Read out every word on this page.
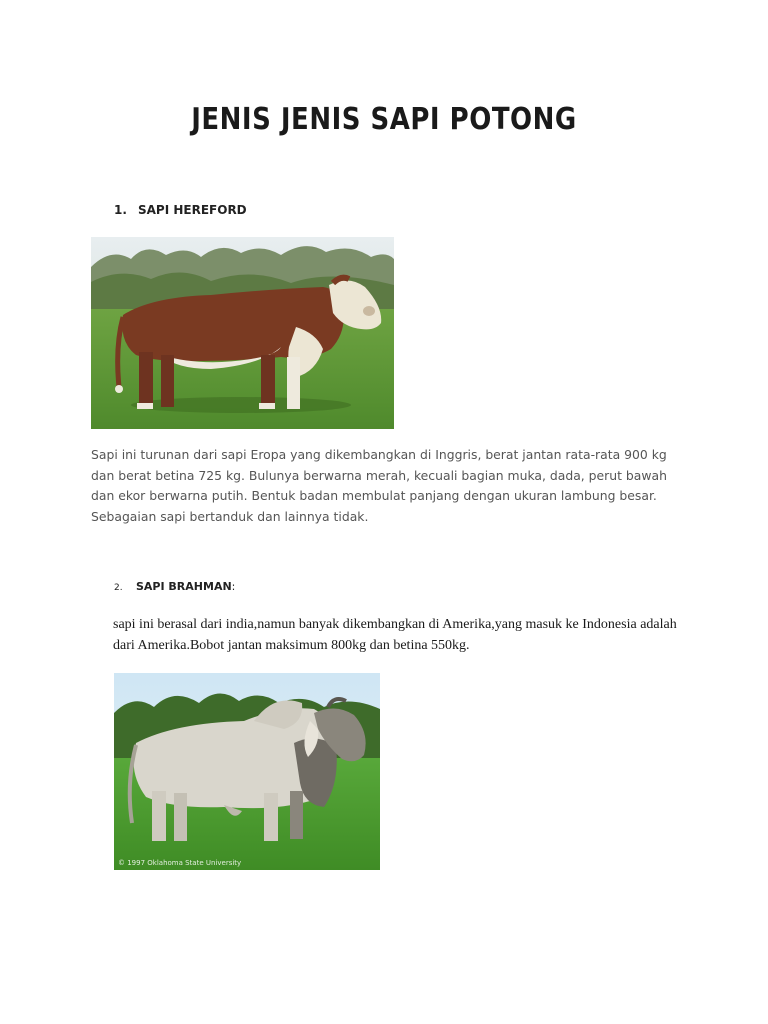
JENIS JENIS SAPI POTONG
1. SAPI HEREFORD

Sapi ini turunan dari sapi Eropa yang dikembangkan di Inggris, berat jantan rata-rata 900 kg dan berat betina 725 kg. Bulunya berwarna merah, kecuali bagian muka, dada, perut bawah dan ekor berwarna putih. Bentuk badan membulat panjang dengan ukuran lambung besar. Sebagaian sapi bertanduk dan lainnya tidak.

2. SAPI BRAHMAN:

sapi ini berasal dari india,namun banyak dikembangkan di Amerika,yang masuk ke Indonesia adalah dari Amerika.Bobot jantan maksimum 800kg dan betina 550kg.

© 1997 Oklahoma State University
